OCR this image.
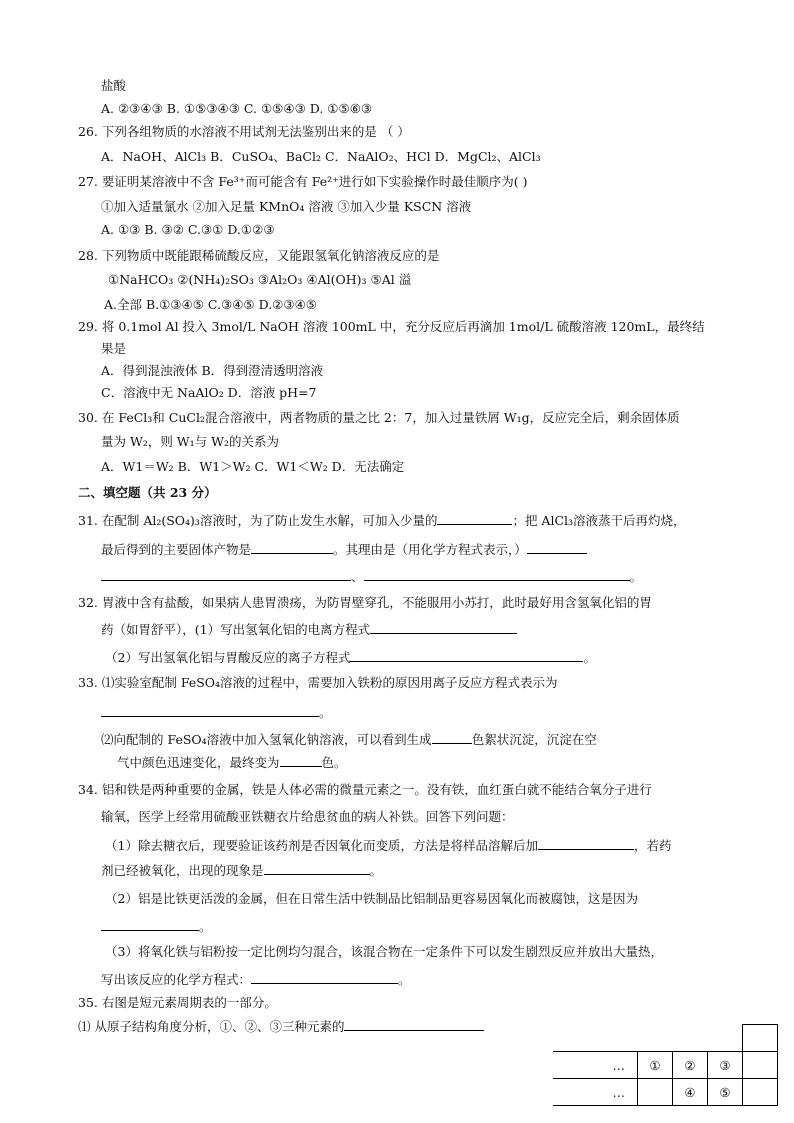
盐酸
A. ②③④③ B. ①⑤③④③ C. ①⑤④③ D. ①⑤⑥③
26. 下列各组物质的水溶液不用试剂无法鉴别出来的是 （ ）
A．NaOH、AlCl₃ B．CuSO₄、BaCl₂ C．NaAlO₂、HCl D．MgCl₂、AlCl₃
27. 要证明某溶液中不含 Fe³⁺而可能含有 Fe²⁺进行如下实验操作时最佳顺序为( )
①加入适量氯水 ②加入足量 KMnO₄ 溶液 ③加入少量 KSCN 溶液
A. ①③ B. ③② C.③① D.①②③
28. 下列物质中既能跟稀硫酸反应，又能跟氢氧化钠溶液反应的是
①NaHCO₃ ②(NH₄)₂SO₃ ③Al₂O₃ ④Al(OH)₃ ⑤Al 溢
A.全部 B.①③④⑤ C.③④⑤ D.②③④⑤
29. 将 0.1mol Al 投入 3mol/L NaOH 溶液 100mL 中，充分反应后再滴加 1mol/L 硫酸溶液 120mL，最终结
果是
A．得到混浊液体 B．得到澄清透明溶液
C．溶液中无 NaAlO₂ D．溶液 pH=7
30. 在 FeCl₃和 CuCl₂混合溶液中，两者物质的量之比 2：7，加入过量铁屑 W₁g，反应完全后，剩余固体质
量为 W₂，则 W₁与 W₂的关系为
A．W1＝W₂ B．W1＞W₂ C．W1＜W₂ D．无法确定
二、填空题（共 23 分）
31. 在配制 Al₂(SO₄)₃溶液时，为了防止发生水解，可加入少量的	；把 AlCl₃溶液蒸干后再灼烧，
最后得到的主要固体产物是	。其理由是（用化学方程式表示，）
、	。
32. 胃液中含有盐酸，如果病人患胃溃疡，为防胃壁穿孔，不能服用小苏打，此时最好用含氢氧化铝的胃
药（如胃舒平），(1）写出氢氧化铝的电离方程式
（2）写出氢氧化铝与胃酸反应的离子方程式	。
33. ⑴实验室配制 FeSO₄溶液的过程中，需要加入铁粉的原因用离子反应方程式表示为
。
⑵向配制的 FeSO₄溶液中加入氢氧化钠溶液，可以看到生成	色絮状沉淀，沉淀在空
气中颜色迅速变化，最终变为	色。
34. 铝和铁是两种重要的金属，铁是人体必需的微量元素之一。没有铁，血红蛋白就不能结合氧分子进行
输氧，医学上经常用硫酸亚铁糖衣片给患贫血的病人补铁。回答下列问题：
（1）除去糖衣后，现要验证该药剂是否因氧化而变质，方法是将样品溶解后加	，若药
剂已经被氧化，出现的现象是	。
（2）铝是比铁更活泼的金属，但在日常生活中铁制品比铝制品更容易因氧化而被腐蚀，这是因为
。
（3）将氧化铁与铝粉按一定比例均匀混合，该混合物在一定条件下可以发生剧烈反应并放出大量热，
写出该反应的化学方程式：	。
35. 右图是短元素周期表的一部分。
⑴ 从原子结构角度分析，①、②、③三种元素的

…	①	②	③	
…		④	⑤	
